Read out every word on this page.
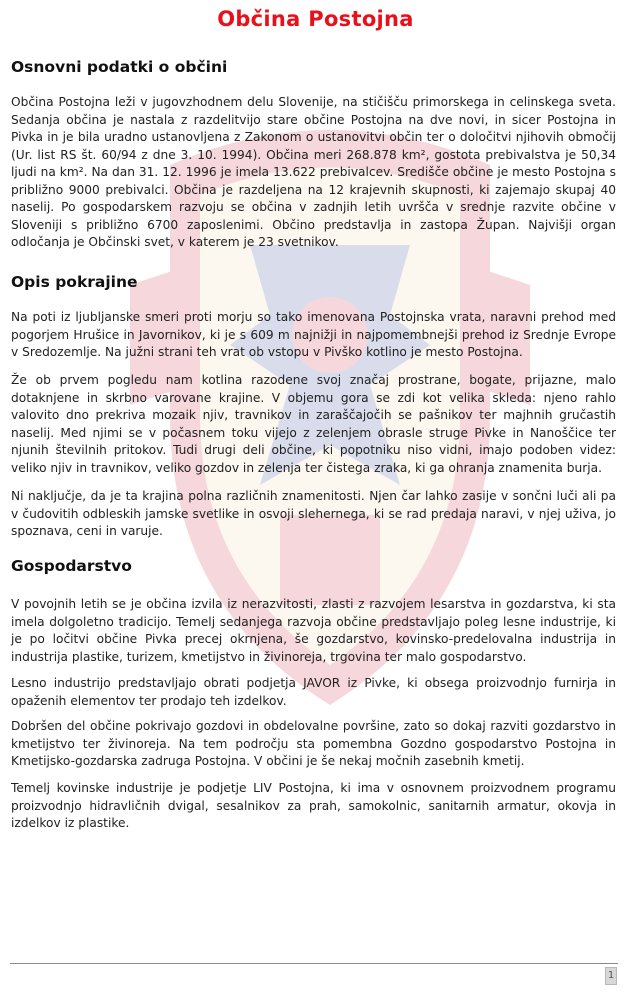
Občina Postojna
Osnovni podatki o občini

Občina Postojna leži v jugovzhodnem delu Slovenije, na stičišču primorskega in celinskega sveta. Sedanja občina je nastala z razdelitvijo stare občine Postojna na dve novi, in sicer Postojna in Pivka in je bila uradno ustanovljena z Zakonom o ustanovitvi občin ter o določitvi njihovih območij (Ur. list RS št. 60/94 z dne 3. 10. 1994). Občina meri 268.878 km², gostota prebivalstva je 50,34 ljudi na km². Na dan 31. 12. 1996 je imela 13.622 prebivalcev. Središče občine je mesto Postojna s približno 9000 prebivalci. Občina je razdeljena na 12 krajevnih skupnosti, ki zajemajo skupaj 40 naselij. Po gospodarskem razvoju se občina v zadnjih letih uvršča v srednje razvite občine v Sloveniji s približno 6700 zaposlenimi. Občino predstavlja in zastopa Župan. Najvišji organ odločanja je Občinski svet, v katerem je 23 svetnikov.

Opis pokrajine

Na poti iz ljubljanske smeri proti morju so tako imenovana Postojnska vrata, naravni prehod med pogorjem Hrušice in Javornikov, ki je s 609 m najnižji in najpomembnejši prehod iz Srednje Evrope v Sredozemlje. Na južni strani teh vrat ob vstopu v Pivško kotlino je mesto Postojna.

Že ob prvem pogledu nam kotlina razodene svoj značaj prostrane, bogate, prijazne, malo dotaknjene in skrbno varovane krajine. V objemu gora se zdi kot velika skleda: njeno rahlo valovito dno prekriva mozaik njiv, travnikov in zaraščajočih se pašnikov ter majhnih gručastih naselij. Med njimi se v počasnem toku vijejo z zelenjem obrasle struge Pivke in Nanoščice ter njunih številnih pritokov. Tudi drugi deli občine, ki popotniku niso vidni, imajo podoben videz: veliko njiv in travnikov, veliko gozdov in zelenja ter čistega zraka, ki ga ohranja znamenita burja.

Ni naključje, da je ta krajina polna različnih znamenitosti. Njen čar lahko zasije v sončni luči ali pa v čudovitih odbleskih jamske svetlike in osvoji slehernega, ki se rad predaja naravi, v njej uživa, jo spoznava, ceni in varuje.

Gospodarstvo

V povojnih letih se je občina izvila iz nerazvitosti, zlasti z razvojem lesarstva in gozdarstva, ki sta imela dolgoletno tradicijo. Temelj sedanjega razvoja občine predstavljajo poleg lesne industrije, ki je po ločitvi občine Pivka precej okrnjena, še gozdarstvo, kovinsko-predelovalna industrija in industrija plastike, turizem, kmetijstvo in živinoreja, trgovina ter malo gospodarstvo.

Lesno industrijo predstavljajo obrati podjetja JAVOR iz Pivke, ki obsega proizvodnjo furnirja in opaženih elementov ter prodajo teh izdelkov.

Dobršen del občine pokrivajo gozdovi in obdelovalne površine, zato so dokaj razviti gozdarstvo in kmetijstvo ter živinoreja. Na tem področju sta pomembna Gozdno gospodarstvo Postojna in Kmetijsko-gozdarska zadruga Postojna. V občini je še nekaj močnih zasebnih kmetij.

Temelj kovinske industrije je podjetje LIV Postojna, ki ima v osnovnem proizvodnem programu proizvodnjo hidravličnih dvigal, sesalnikov za prah, samokolnic, sanitarnih armatur, okovja in izdelkov iz plastike.

1
